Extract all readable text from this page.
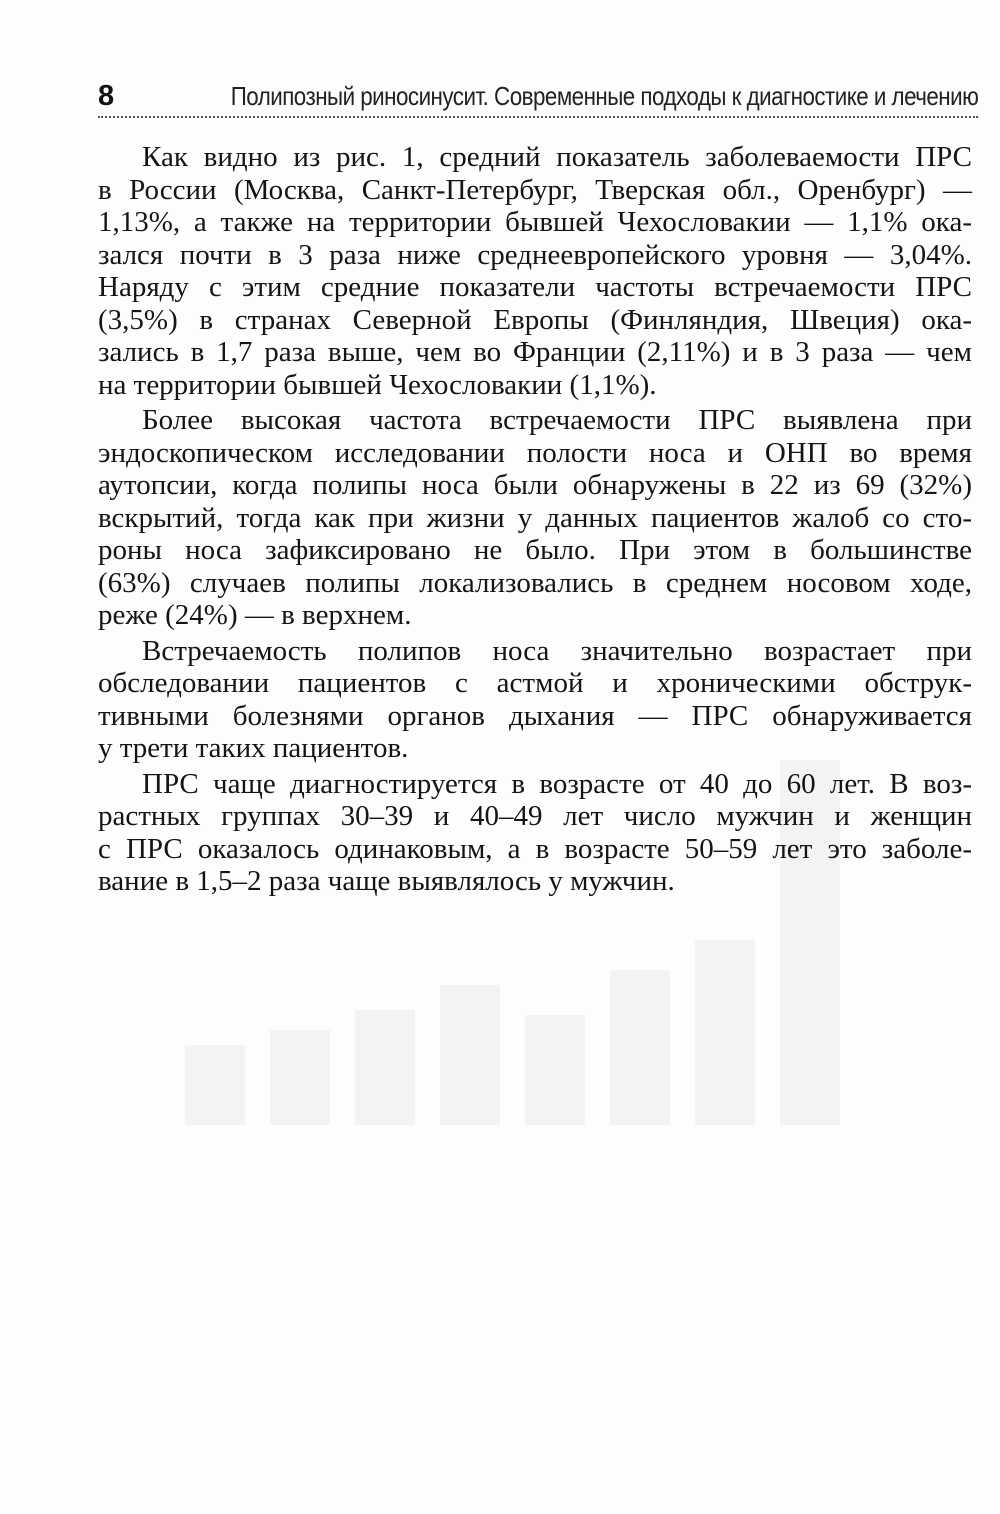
8	Полипозный риносинусит. Современные подходы к диагностике и лечению

Как видно из рис. 1, средний показатель заболеваемости ПРС
в России (Москва, Санкт-Петербург, Тверская обл., Оренбург) —
1,13%, а также на территории бывшей Чехословакии — 1,1% ока-
зался почти в 3 раза ниже среднеевропейского уровня — 3,04%.
Наряду с этим средние показатели частоты встречаемости ПРС
(3,5%) в странах Северной Европы (Финляндия, Швеция) ока-
зались в 1,7 раза выше, чем во Франции (2,11%) и в 3 раза — чем
на территории бывшей Чехословакии (1,1%).

Более высокая частота встречаемости ПРС выявлена при
эндоскопическом исследовании полости носа и ОНП во время
аутопсии, когда полипы носа были обнаружены в 22 из 69 (32%)
вскрытий, тогда как при жизни у данных пациентов жалоб со сто-
роны носа зафиксировано не было. При этом в большинстве
(63%) случаев полипы локализовались в среднем носовом ходе,
реже (24%) — в верхнем.

Встречаемость полипов носа значительно возрастает при
обследовании пациентов с астмой и хроническими обструк-
тивными болезнями органов дыхания — ПРС обнаруживается
у трети таких пациентов.

ПРС чаще диагностируется в возрасте от 40 до 60 лет. В воз-
растных группах 30–39 и 40–49 лет число мужчин и женщин
с ПРС оказалось одинаковым, а в возрасте 50–59 лет это заболе-
вание в 1,5–2 раза чаще выявлялось у мужчин.
